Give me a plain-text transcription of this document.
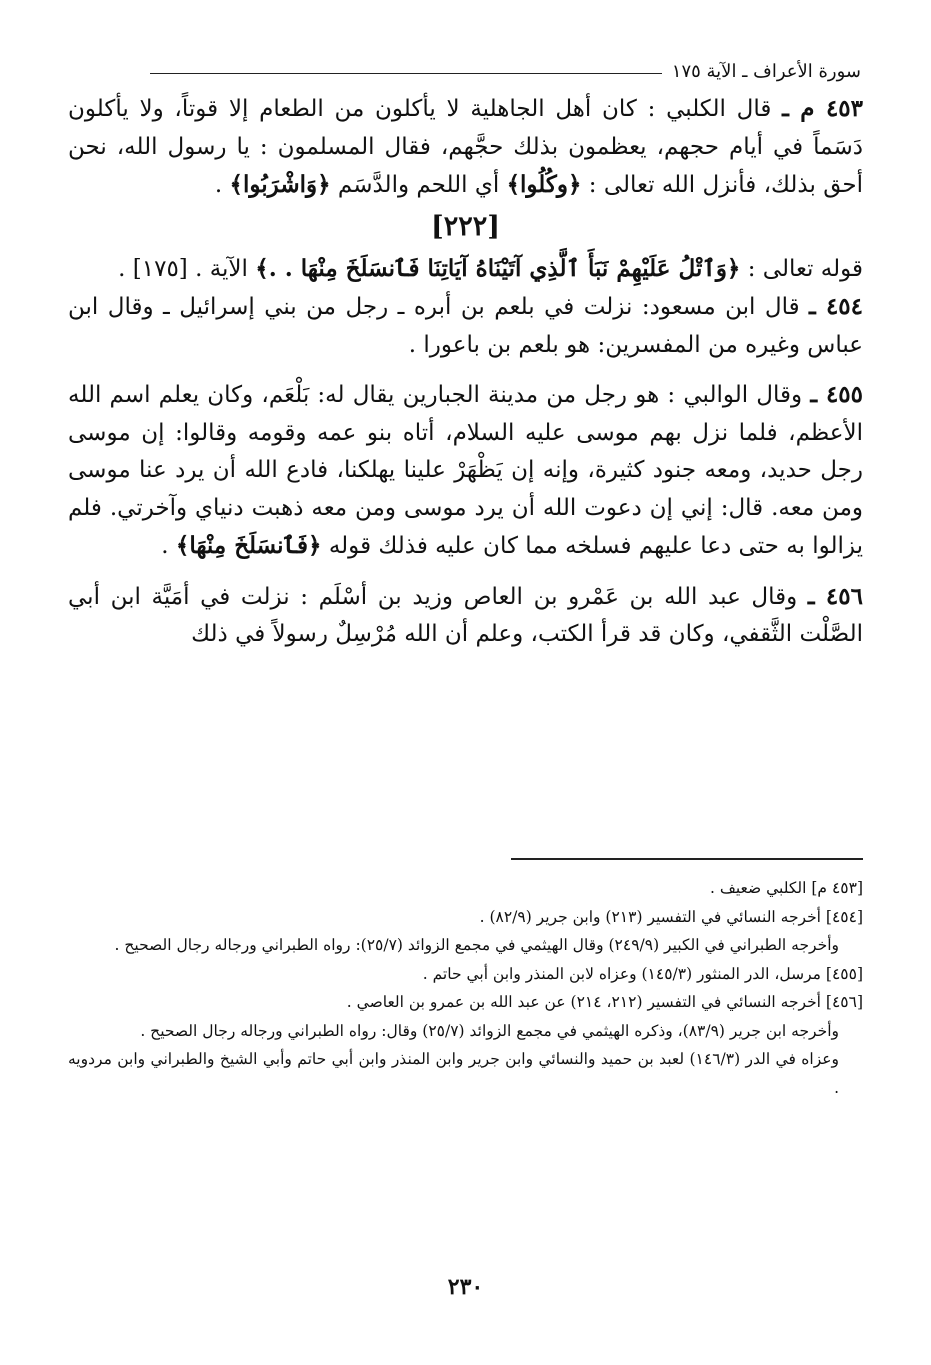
سورة الأعراف ـ الآية ١٧٥

٤٥٣ م ـ قال الكلبي : كان أهل الجاهلية لا يأكلون من الطعام إلا قوتاً، ولا يأكلون دَسَماً في أيام حجهم، يعظمون بذلك حجَّهم، فقال المسلمون : يا رسول الله، نحن أحق بذلك، فأنزل الله تعالى : ﴿وكُلُوا﴾ أي اللحم والدَّسَم ﴿وَاشْرَبُوا﴾ .

[٢٢٢]

قوله تعالى : ﴿وَٱتْلُ عَلَيْهِمْ نَبَأَ ٱلَّذِي آتَيْنَاهُ آيَاتِنَا فَٱنسَلَخَ مِنْهَا . .﴾ الآية . [١٧٥] .

٤٥٤ ـ قال ابن مسعود: نزلت في بلعم بن أبره ـ رجل من بني إسرائيل ـ وقال ابن عباس وغيره من المفسرين: هو بلعم بن باعورا .

٤٥٥ ـ وقال الوالبي : هو رجل من مدينة الجبارين يقال له: بَلْعَم، وكان يعلم اسم الله الأعظم، فلما نزل بهم موسى عليه السلام، أتاه بنو عمه وقومه وقالوا: إن موسى رجل حديد، ومعه جنود كثيرة، وإنه إن يَظْهَرْ علينا يهلكنا، فادع الله أن يرد عنا موسى ومن معه. قال: إني إن دعوت الله أن يرد موسى ومن معه ذهبت دنياي وآخرتي. فلم يزالوا به حتى دعا عليهم فسلخه مما كان عليه فذلك قوله ﴿فَٱنسَلَخَ مِنْهَا﴾ .

٤٥٦ ـ وقال عبد الله بن عَمْرو بن العاص وزيد بن أسْلَم : نزلت في أمَيَّة ابن أبي الصَّلْت الثَّقفي، وكان قد قرأ الكتب، وعلم أن الله مُرْسِلٌ رسولاً في ذلك

[٤٥٣ م] الكلبي ضعيف .

[٤٥٤] أخرجه النسائي في التفسير (٢١٣) وابن جرير (٨٢/٩) .

وأخرجه الطبراني في الكبير (٢٤٩/٩) وقال الهيثمي في مجمع الزوائد (٢٥/٧): رواه الطبراني ورجاله رجال الصحيح .

[٤٥٥] مرسل، الدر المنثور (١٤٥/٣) وعزاه لابن المنذر وابن أبي حاتم .

[٤٥٦] أخرجه النسائي في التفسير (٢١٢، ٢١٤) عن عبد الله بن عمرو بن العاصي .

وأخرجه ابن جرير (٨٣/٩)، وذكره الهيثمي في مجمع الزوائد (٢٥/٧) وقال: رواه الطبراني ورجاله رجال الصحيح .

وعزاه في الدر (١٤٦/٣) لعبد بن حميد والنسائي وابن جرير وابن المنذر وابن أبي حاتم وأبي الشيخ والطبراني وابن مردويه .

٢٣٠
